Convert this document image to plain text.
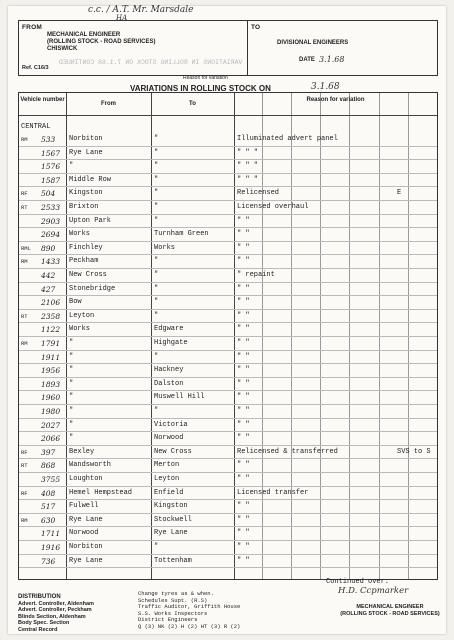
c.c. / A.T. Mr. Marsdale
HA
FROM
MECHANICAL ENGINEER
(ROLLING STOCK - ROAD SERVICES)
CHISWICK
Ref. C16/3
TO
DIVISIONAL ENGINEERS
DATE 3.1.68
VARIATIONS IN ROLLING STOCK ON 7.1.68 CONTINUED
Reason for variation
VARIATIONS IN ROLLING STOCK ON	3.1.68
Vehicle number
From	To
Reason for variation
CENTRAL
RM 533 Norbiton	"	Illuminated advert panel
1567 Rye Lane	"	" " "
1576 "	"	" " "
1587 Middle Row	"	" " "
RF 504 Kingston	"	Relicensed	E
RT 2533 Brixton	"	Licensed overhaul
2903 Upton Park	"	" "
2694 Works	Turnham Green	" "
RML 890 Finchley	Works	" "
RM 1433 Peckham	"	" "
442 New Cross	"	" repaint
427 Stonebridge	"	" "
2106 Bow	"	" "
RT 2358 Leyton	"	" "
1122 Works	Edgware	" "
RM 1791 "	Highgate	" "
1911 "	"	" "
1956 "	Hackney	" "
1893 "	Dalston	" "
1960 "	Muswell Hill	" "
1980 "	"	" "
2027 "	Victoria	" "
2066 "	Norwood	" "
RF 397 Bexley	New Cross	Relicensed & transferred	SVS to S
RT 868 Wandsworth	Merton	" "
3755 Loughton	Leyton	" "
RF 408 Hemel Hempstead	Enfield	Licensed transfer
517 Fulwell	Kingston	" "
RM 630 Rye Lane	Stockwell	" "
1711 Norwood	Rye Lane	" "
1916 Norbiton	"	" "
736 Rye Lane	Tottenham	" "
Continued over.
DISTRIBUTION
Advert. Controller, Aldenham
Advert. Controller, Peckham
Blinds Section, Aldenham
Body Spec. Section
Central Record
Change tyres as & when.
Schedules Supt. (R.S)
Traffic Auditor, Griffith House
S.S. Works Inspectors
District Engineers
Q (3) NK (2) H (2) HT (3) R (2)
H.D. Ccpmarker
MECHANICAL ENGINEER
(ROLLING STOCK - ROAD SERVICES)
